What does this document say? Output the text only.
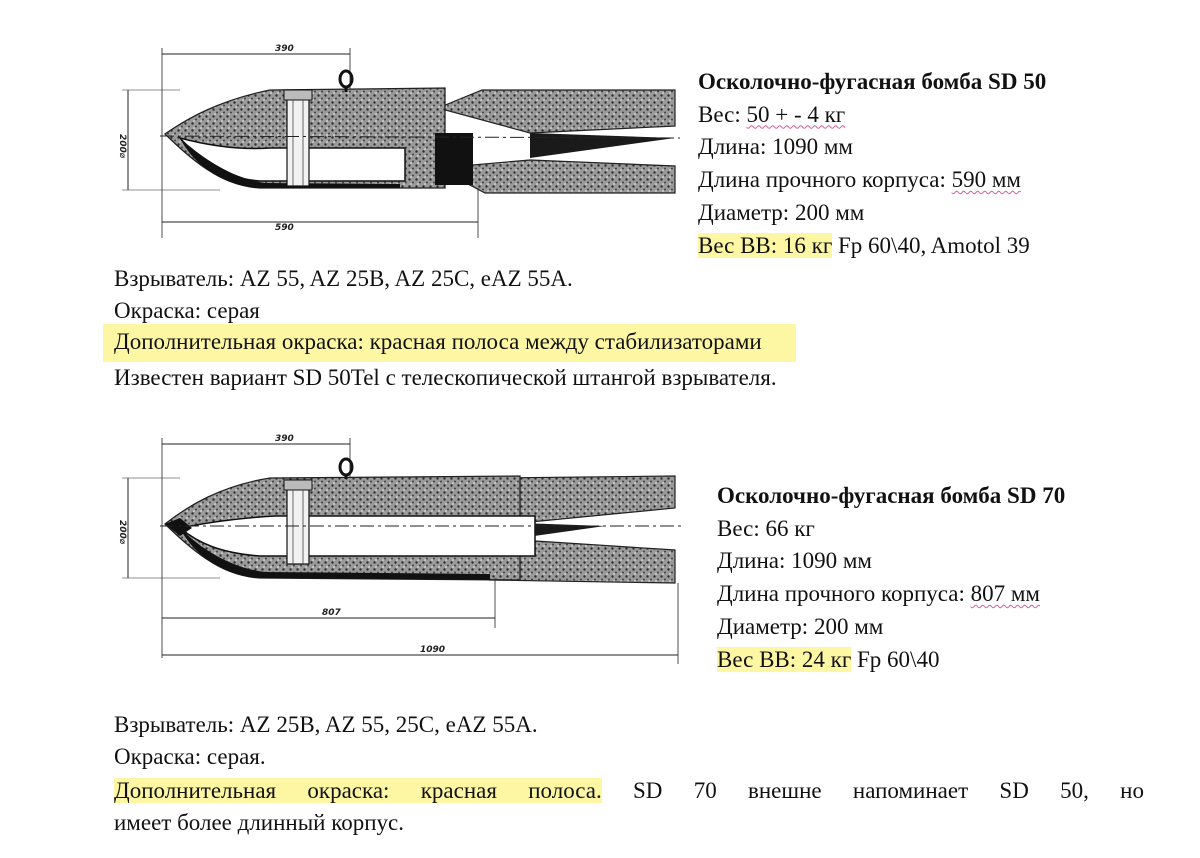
390
200⌀
590
Осколочно-фугасная бомба SD 50
Вес: 50 + - 4 кг
Длина: 1090 мм
Длина прочного корпуса: 590 мм
Диаметр: 200 мм
Вес ВВ: 16 кг Fp 60\40, Amotol 39
Взрыватель: AZ 55, AZ 25B, AZ 25C, eAZ 55A.
Окраска: серая
Дополнительная окраска: красная полоса между стабилизаторами
Известен вариант SD 50Tel с телескопической штангой взрывателя.
390
200⌀
807
1090
Осколочно-фугасная бомба SD 70
Вес: 66 кг
Длина: 1090 мм
Длина прочного корпуса: 807 мм
Диаметр: 200 мм
Вес ВВ: 24 кг Fp 60\40
Взрыватель: AZ 25B, AZ 55, 25C, eAZ 55A.
Окраска: серая.
Дополнительная окраска: красная полоса. SD 70 внешне напоминает SD 50, но
имеет более длинный корпус.
